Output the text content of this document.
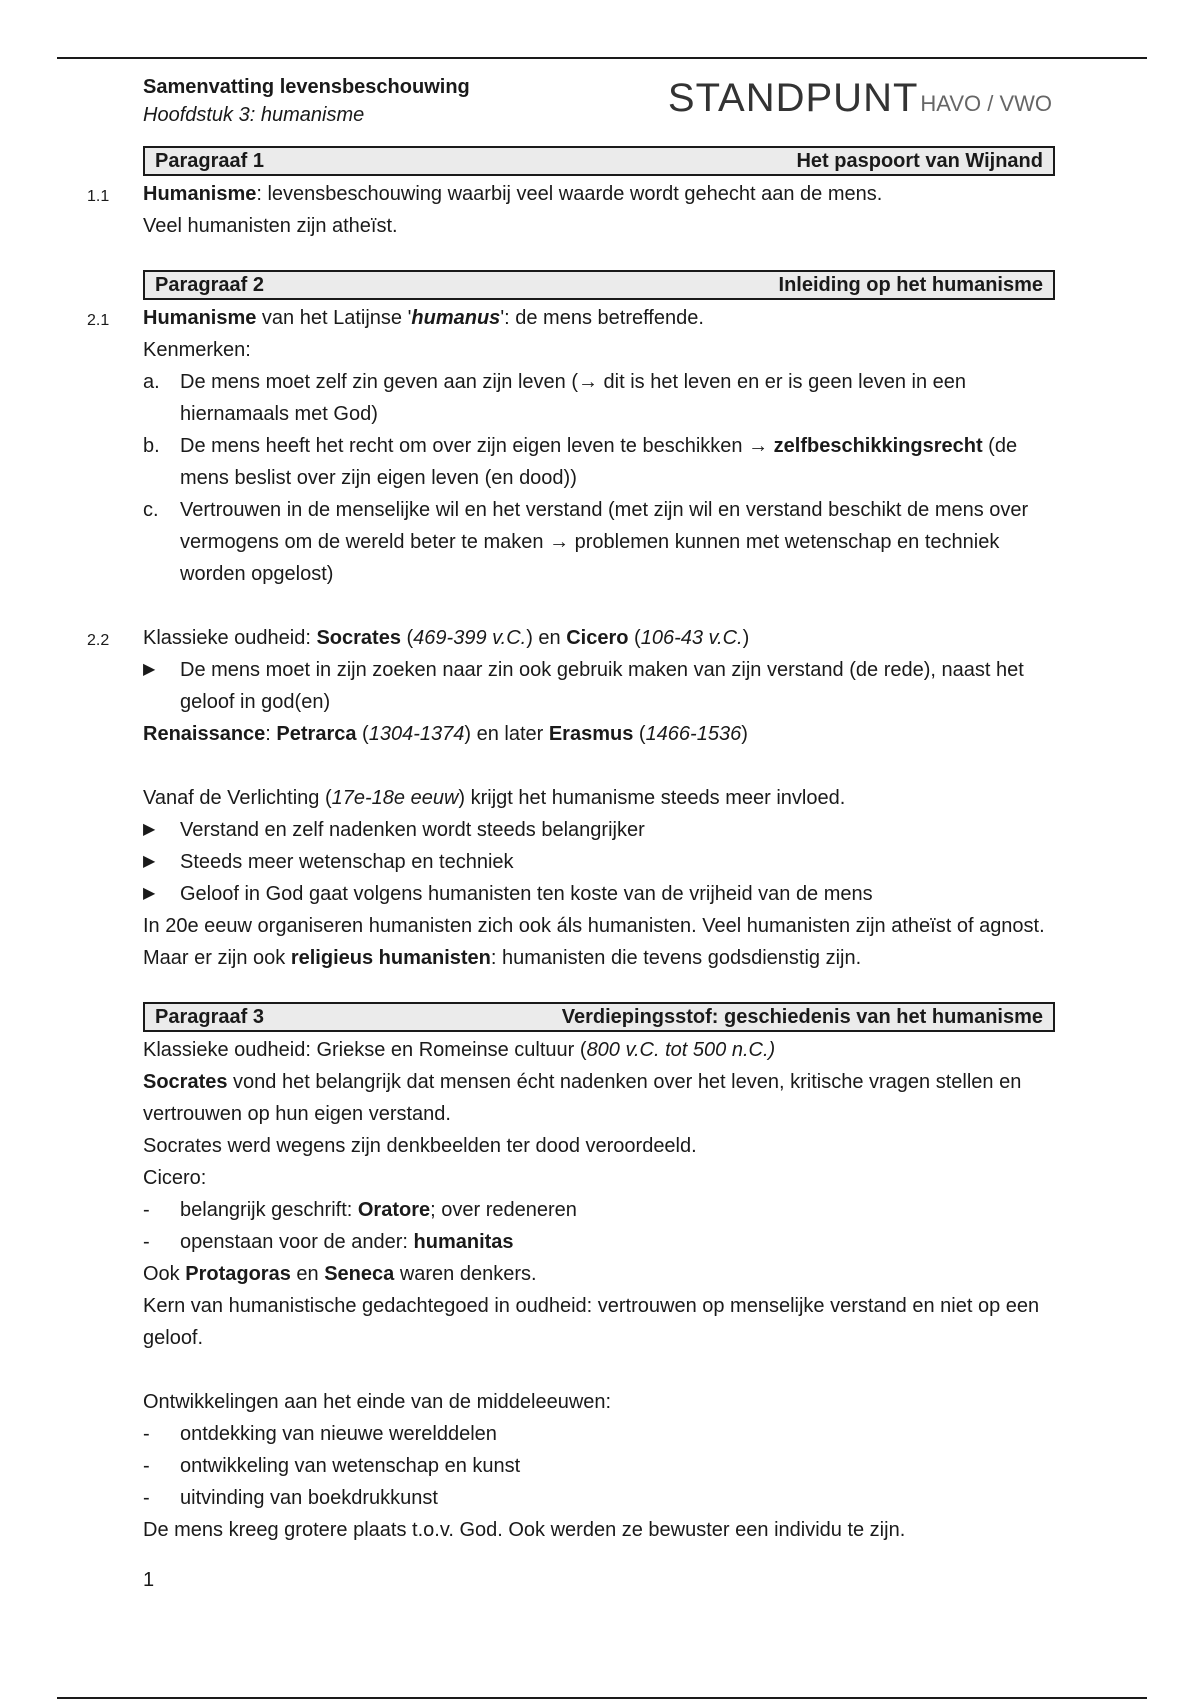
Samenvatting levensbeschouwing
Hoofdstuk 3: humanisme	STANDPUNTHAVO / VWO
Paragraaf 1	Het paspoort van Wijnand
1.1 Humanisme: levensbeschouwing waarbij veel waarde wordt gehecht aan de mens.

Veel humanisten zijn atheïst.

Paragraaf 2	Inleiding op het humanisme
2.1 Humanisme van het Latijnse 'humanus': de mens betreffende.

Kenmerken:

a.	De mens moet zelf zin geven aan zijn leven (→ dit is het leven en er is geen leven in een hiernamaals met God)
b.	De mens heeft het recht om over zijn eigen leven te beschikken → zelfbeschikkingsrecht (de mens beslist over zijn eigen leven (en dood))
c.	Vertrouwen in de menselijke wil en het verstand (met zijn wil en verstand beschikt de mens over vermogens om de wereld beter te maken → problemen kunnen met wetenschap en techniek worden opgelost)
2.2 Klassieke oudheid: Socrates (469-399 v.C.) en Cicero (106-43 v.C.)

▶	De mens moet in zijn zoeken naar zin ook gebruik maken van zijn verstand (de rede), naast het geloof in god(en)

Renaissance: Petrarca (1304-1374) en later Erasmus (1466-1536)

Vanaf de Verlichting (17e-18e eeuw) krijgt het humanisme steeds meer invloed.

▶	Verstand en zelf nadenken wordt steeds belangrijker
▶	Steeds meer wetenschap en techniek
▶	Geloof in God gaat volgens humanisten ten koste van de vrijheid van de mens

In 20e eeuw organiseren humanisten zich ook áls humanisten. Veel humanisten zijn atheïst of agnost. Maar er zijn ook religieus humanisten: humanisten die tevens godsdienstig zijn.

Paragraaf 3	Verdiepingsstof: geschiedenis van het humanisme

Klassieke oudheid: Griekse en Romeinse cultuur (800 v.C. tot 500 n.C.)

Socrates vond het belangrijk dat mensen écht nadenken over het leven, kritische vragen stellen en vertrouwen op hun eigen verstand.

Socrates werd wegens zijn denkbeelden ter dood veroordeeld.

Cicero:

-	belangrijk geschrift: Oratore; over redeneren
-	openstaan voor de ander: humanitas

Ook Protagoras en Seneca waren denkers.

Kern van humanistische gedachtegoed in oudheid: vertrouwen op menselijke verstand en niet op een geloof.

Ontwikkelingen aan het einde van de middeleeuwen:

-	ontdekking van nieuwe werelddelen
-	ontwikkeling van wetenschap en kunst
-	uitvinding van boekdrukkunst

De mens kreeg grotere plaats t.o.v. God. Ook werden ze bewuster een individu te zijn.

1
